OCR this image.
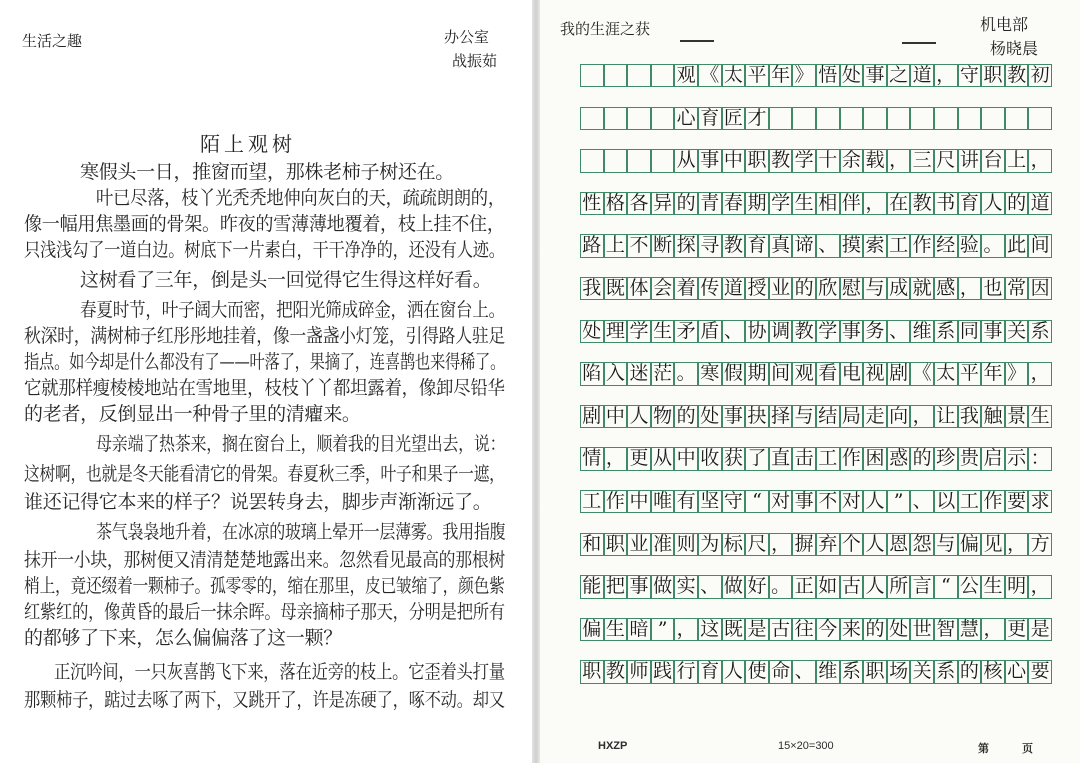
生活之趣	办公室
战振茹
陌上观树
寒假头一日，推窗而望，那株老柿子树还在。
叶已尽落，枝丫光秃秃地伸向灰白的天，疏疏朗朗的，
像一幅用焦墨画的骨架。昨夜的雪薄薄地覆着，枝上挂不住，
只浅浅勾了一道白边。树底下一片素白，干干净净的，还没有人迹。
这树看了三年，倒是头一回觉得它生得这样好看。
春夏时节，叶子阔大而密，把阳光筛成碎金，洒在窗台上。
秋深时，满树柿子红彤彤地挂着，像一盏盏小灯笼，引得路人驻足
指点。如今却是什么都没有了——叶落了，果摘了，连喜鹊也来得稀了。
它就那样瘦棱棱地站在雪地里，枝枝丫丫都坦露着，像卸尽铅华
的老者，反倒显出一种骨子里的清癯来。
母亲端了热茶来，搁在窗台上，顺着我的目光望出去，说：
这树啊，也就是冬天能看清它的骨架。春夏秋三季，叶子和果子一遮，
谁还记得它本来的样子？说罢转身去，脚步声渐渐远了。
茶气袅袅地升着，在冰凉的玻璃上晕开一层薄雾。我用指腹
抹开一小块，那树便又清清楚楚地露出来。忽然看见最高的那根树
梢上，竟还缀着一颗柿子。孤零零的，缩在那里，皮已皱缩了，颜色紫
红紫红的，像黄昏的最后一抹余晖。母亲摘柿子那天，分明是把所有
的都够了下来，怎么偏偏落了这一颗？
正沉吟间，一只灰喜鹊飞下来，落在近旁的枝上。它歪着头打量
那颗柿子，踮过去啄了两下，又跳开了，许是冻硬了，啄不动。却又
我的生涯之获	机电部
杨晓晨
观 《 太 平 年 》 悟 处 事 之 道 ， 守 职 教 初
心 育 匠 才
从 事 中 职 教 学 十 余 载 ， 三 尺 讲 台 上 ，
性 格 各 异 的 青 春 期 学 生 相 伴 ， 在 教 书 育 人 的 道
路 上 不 断 探 寻 教 育 真 谛 、 摸 索 工 作 经 验 。 此 间
我 既 体 会 着 传 道 授 业 的 欣 慰 与 成 就 感 ， 也 常 因
处 理 学 生 矛 盾 、 协 调 教 学 事 务 、 维 系 同 事 关 系
陷 入 迷 茫 。 寒 假 期 间 观 看 电 视 剧 《 太 平 年 》 ，
剧 中 人 物 的 处 事 抉 择 与 结 局 走 向 ， 让 我 触 景 生
情 ， 更 从 中 收 获 了 直 击 工 作 困 惑 的 珍 贵 启 示 ：
工 作 中 唯 有 坚 守 “ 对 事 不 对 人 ” 、 以 工 作 要 求
和 职 业 准 则 为 标 尺 ， 摒 弃 个 人 恩 怨 与 偏 见 ， 方
能 把 事 做 实 、 做 好 。 正 如 古 人 所 言 “ 公 生 明 ，
偏 生 暗 ” ， 这 既 是 古 往 今 来 的 处 世 智 慧 ， 更 是
职 教 师 践 行 育 人 使 命 、 维 系 职 场 关 系 的 核 心 要
HXZP	15×20=300	第	页
